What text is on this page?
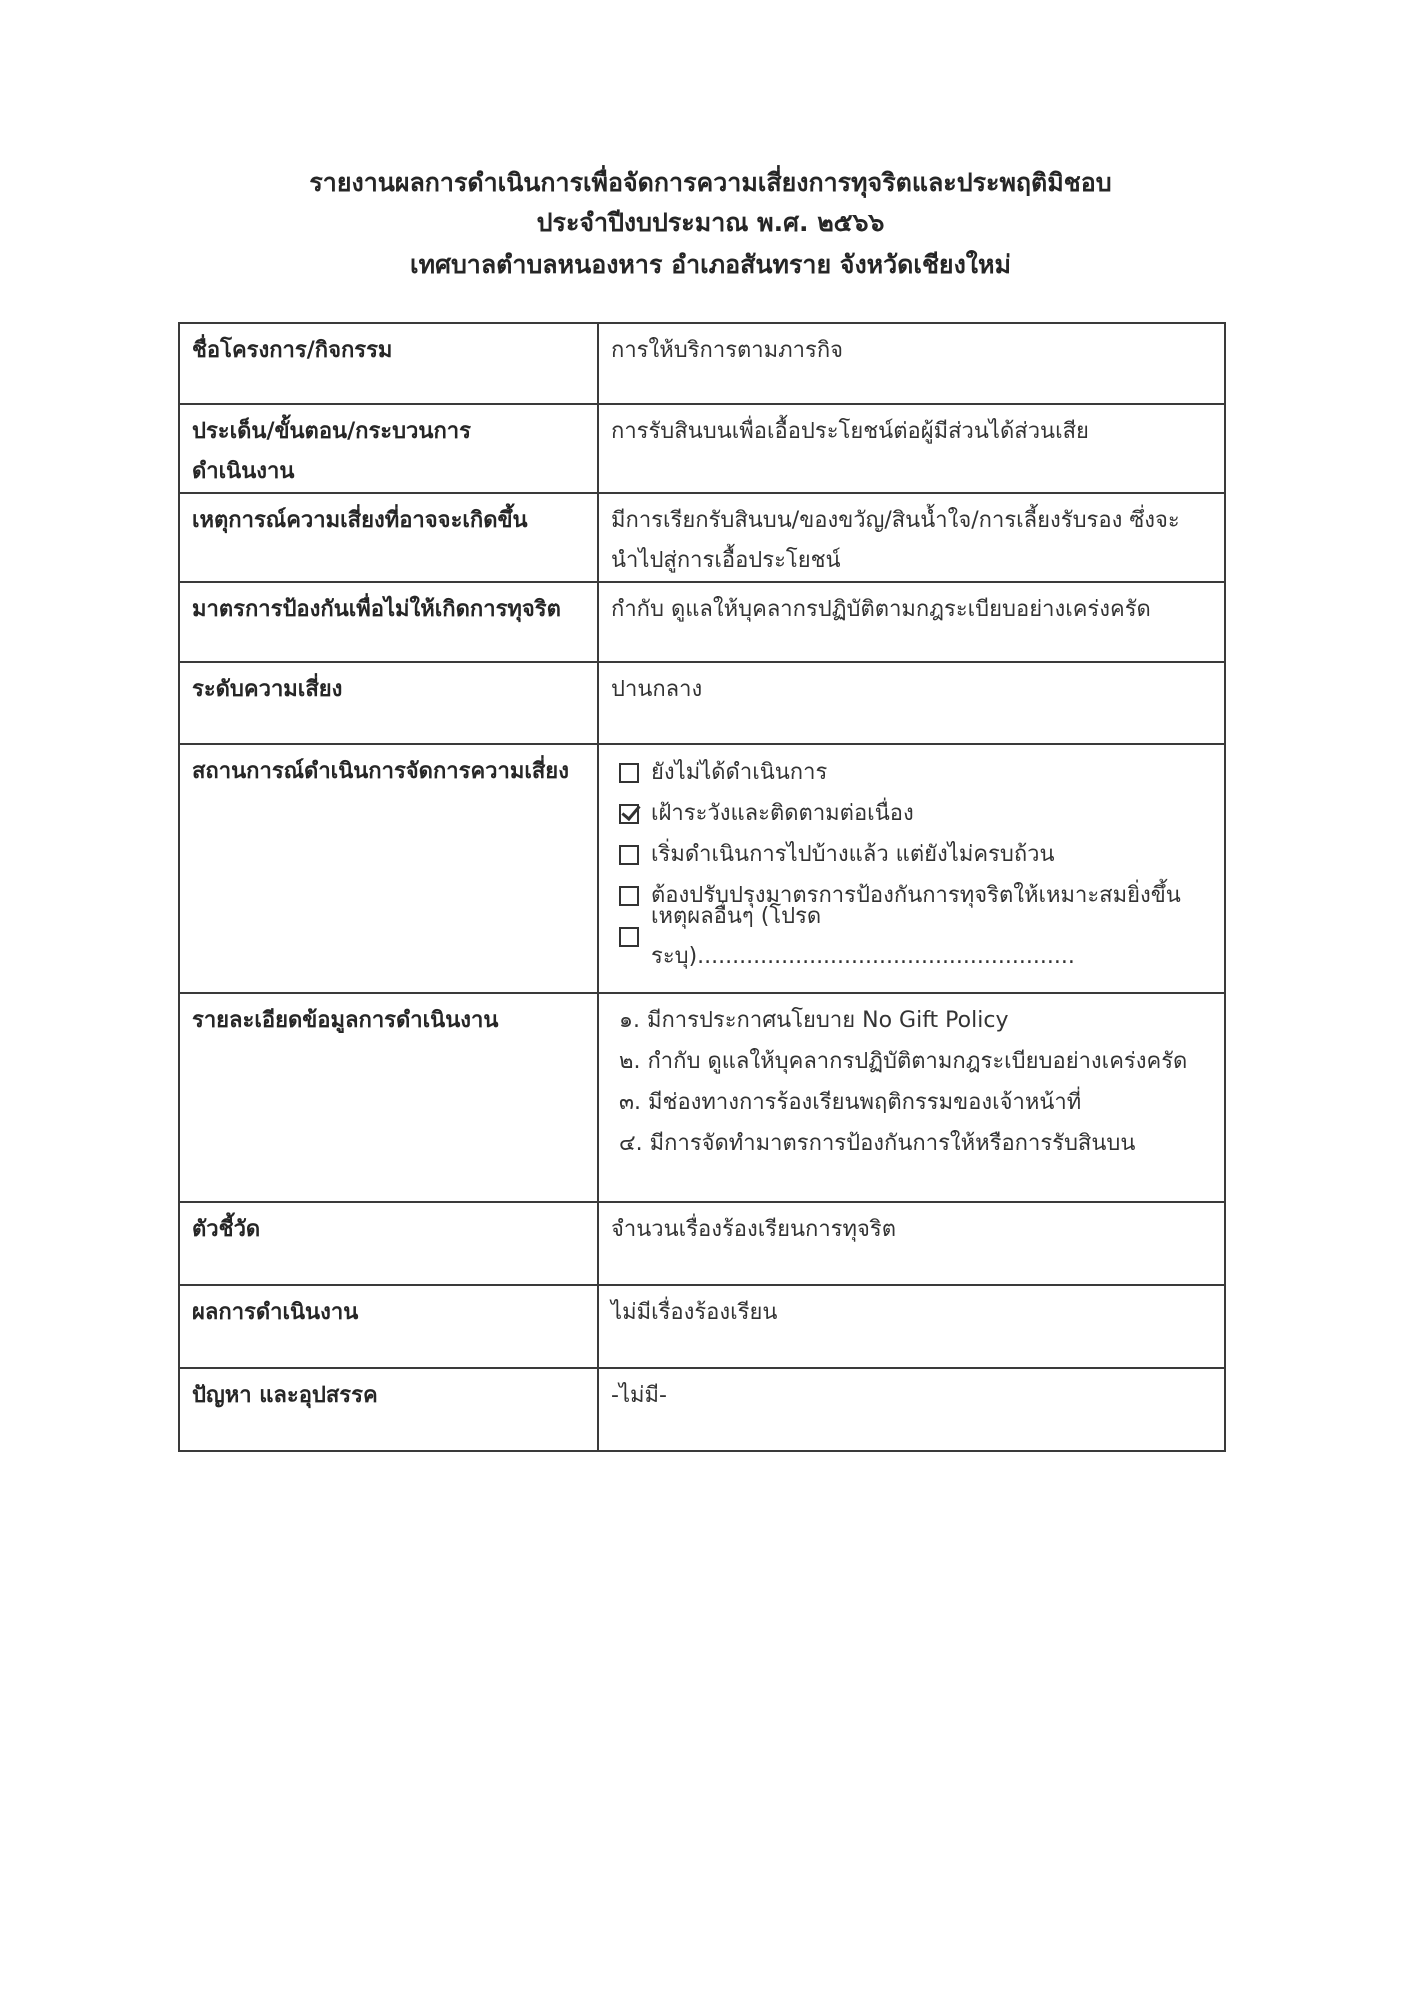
รายงานผลการดำเนินการเพื่อจัดการความเสี่ยงการทุจริตและประพฤติมิชอบ
ประจำปีงบประมาณ พ.ศ. ๒๕๖๖
เทศบาลตำบลหนองหาร อำเภอสันทราย จังหวัดเชียงใหม่
ชื่อโครงการ/กิจกรรม	การให้บริการตามภารกิจ

ประเด็น/ขั้นตอน/กระบวนการ
ดำเนินงาน	การรับสินบนเพื่อเอื้อประโยชน์ต่อผู้มีส่วนได้ส่วนเสีย
เหตุการณ์ความเสี่ยงที่อาจจะเกิดขึ้น	มีการเรียกรับสินบน/ของขวัญ/สินน้ำใจ/การเลี้ยงรับรอง ซึ่งจะ
นำไปสู่การเอื้อประโยชน์

มาตรการป้องกันเพื่อไม่ให้เกิดการทุจริต	กำกับ ดูแลให้บุคลากรปฏิบัติตามกฎระเบียบอย่างเคร่งครัด
ระดับความเสี่ยง	ปานกลาง
สถานการณ์ดำเนินการจัดการความเสี่ยง	ยังไม่ได้ดำเนินการ
เฝ้าระวังและติดตามต่อเนื่อง
เริ่มดำเนินการไปบ้างแล้ว แต่ยังไม่ครบถ้วน
ต้องปรับปรุงมาตรการป้องกันการทุจริตให้เหมาะสมยิ่งขึ้น
เหตุผลอื่นๆ (โปรดระบุ)......................................................

รายละเอียดข้อมูลการดำเนินงาน	๑. มีการประกาศนโยบาย No Gift Policy
๒. กำกับ ดูแลให้บุคลากรปฏิบัติตามกฎระเบียบอย่างเคร่งครัด
๓. มีช่องทางการร้องเรียนพฤติกรรมของเจ้าหน้าที่
๔. มีการจัดทำมาตรการป้องกันการให้หรือการรับสินบน

ตัวชี้วัด	จำนวนเรื่องร้องเรียนการทุจริต
ผลการดำเนินงาน	ไม่มีเรื่องร้องเรียน
ปัญหา และอุปสรรค	-ไม่มี-
